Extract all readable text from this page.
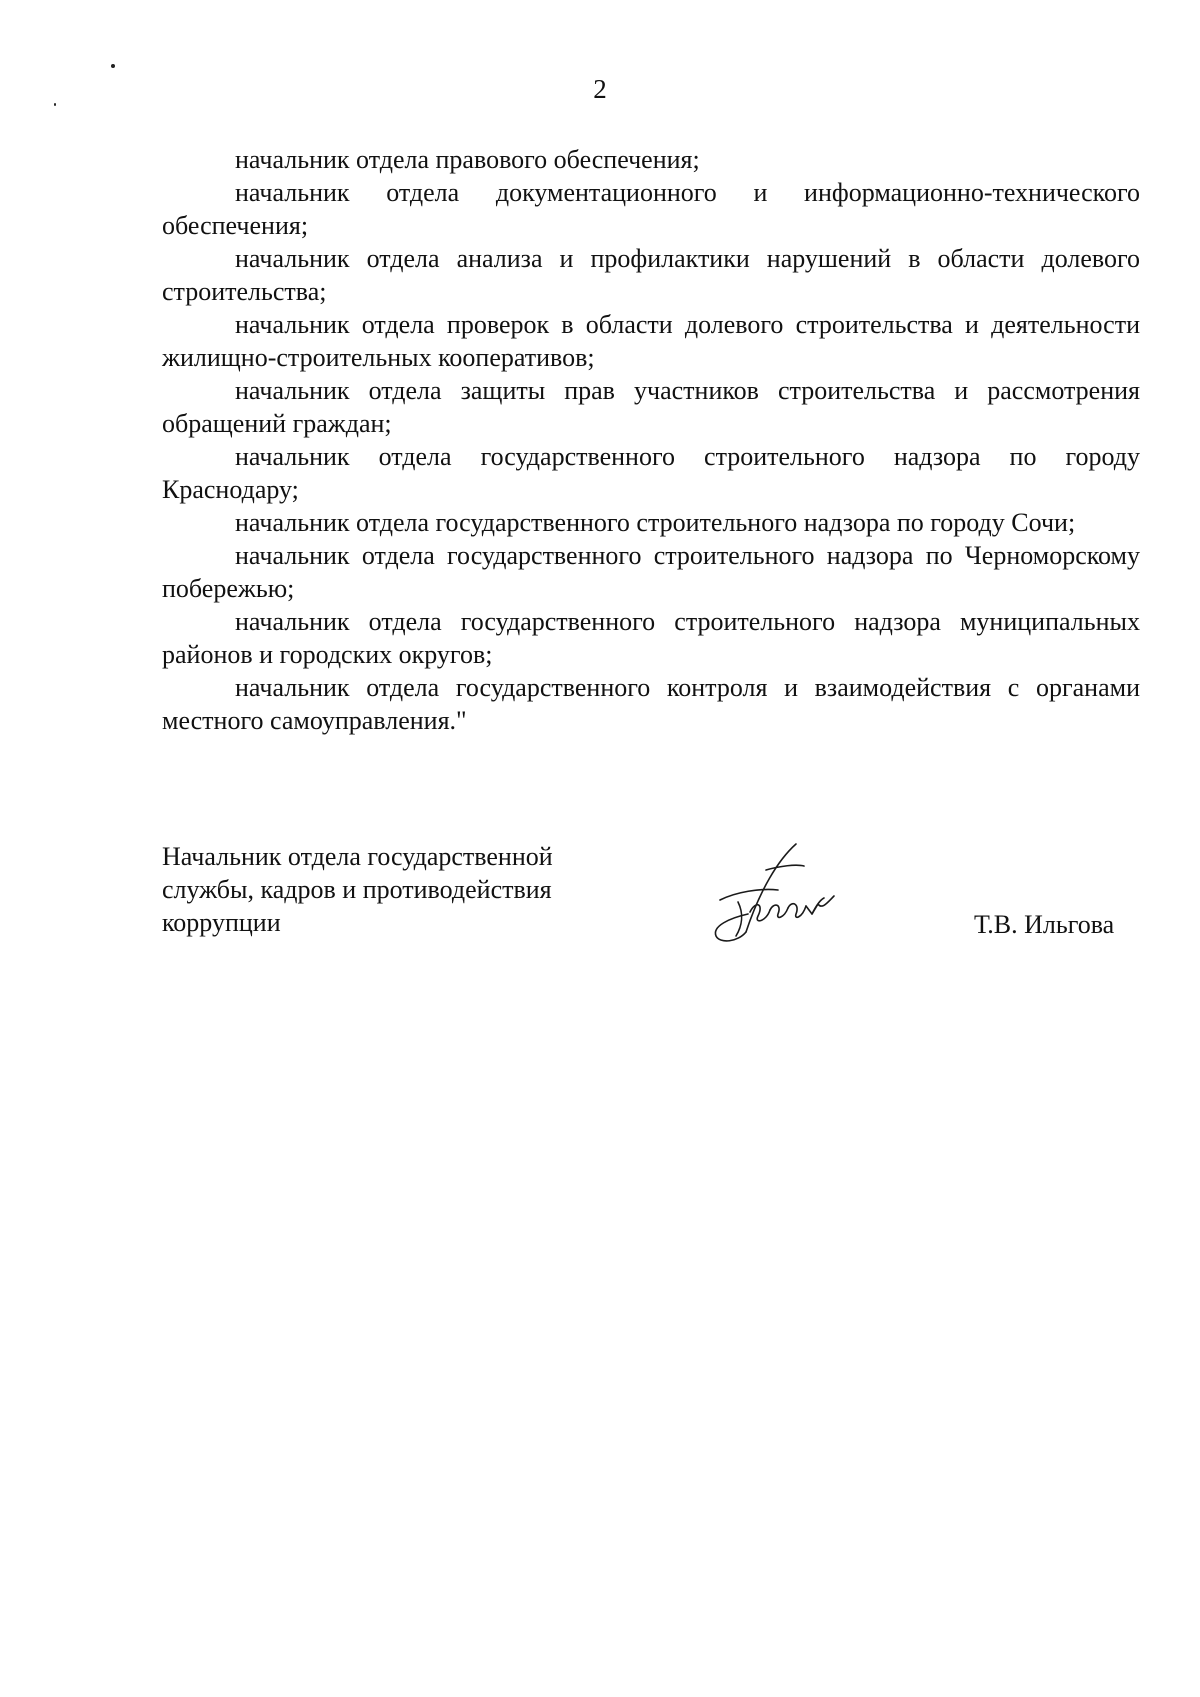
2

начальник отдела правового обеспечения;

начальник отдела документационного и информационно-технического обеспечения;

начальник отдела анализа и профилактики нарушений в области долевого строительства;

начальник отдела проверок в области долевого строительства и деятельности жилищно-строительных кооперативов;

начальник отдела защиты прав участников строительства и рассмотрения обращений граждан;

начальник отдела государственного строительного надзора по городу Краснодару;

начальник отдела государственного строительного надзора по городу Сочи;

начальник отдела государственного строительного надзора по Черноморскому побережью;

начальник отдела государственного строительного надзора муниципальных районов и городских округов;

начальник отдела государственного контроля и взаимодействия с органами местного самоуправления."

Начальник отдела государственной
службы, кадров и противодействия
коррупции	Т.В. Ильгова
